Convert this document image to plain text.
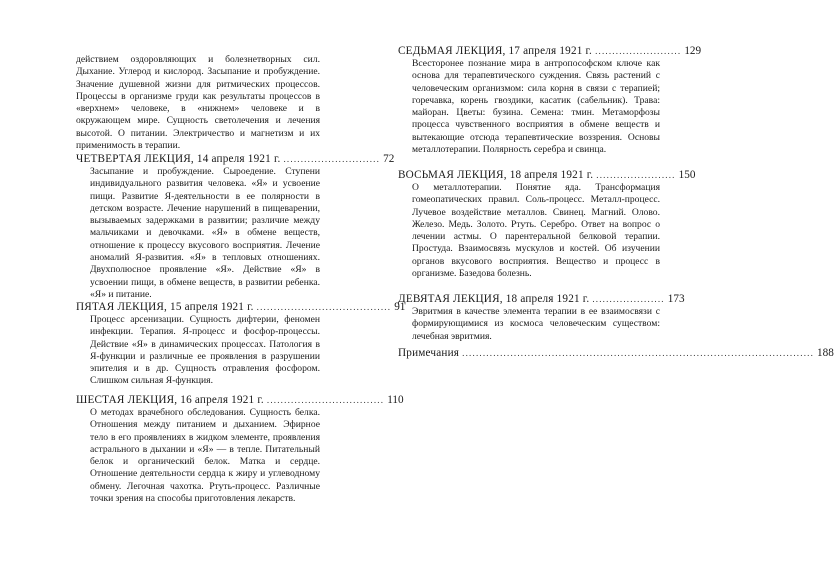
действием оздоровляющих и болезнетворных сил. Дыхание. Углерод и кислород. Засыпание и пробуждение. Значение душевной жизни для ритмических процессов. Процессы в организме груди как результаты процессов в «верхнем» человеке, в «нижнем» человеке и в окружающем мире. Сущность светолечения и лечения высотой. О питании. Электричество и магнетизм и их применимость в терапии.

ЧЕТВЕРТАЯ ЛЕКЦИЯ, 14 апреля 1921 г. ............................ 72

Засыпание и пробуждение. Сыроедение. Ступени индивидуального развития человека. «Я» и усвоение пищи. Развитие Я-деятельности в ее полярности в детском возрасте. Лечение нарушений в пищеварении, вызываемых задержками в развитии; различие между мальчиками и девочками. «Я» в обмене веществ, отношение к процессу вкусового восприятия. Лечение аномалий Я-развития. «Я» в тепловых отношениях. Двухполюсное проявление «Я». Действие «Я» в усвоении пищи, в обмене веществ, в развитии ребенка. «Я» и питание.

ПЯТАЯ ЛЕКЦИЯ, 15 апреля 1921 г. ....................................... 91

Процесс арсенизации. Сущность дифтерии, феномен инфекции. Терапия. Я-процесс и фосфор-процессы. Действие «Я» в динамических процессах. Патология в Я-функции и различные ее проявления в разрушении эпителия и в др. Сущность отравления фосфором. Слишком сильная Я-функция.

ШЕСТАЯ ЛЕКЦИЯ, 16 апреля 1921 г. .................................. 110

О методах врачебного обследования. Сущность белка. Отношения между питанием и дыханием. Эфирное тело в его проявлениях в жидком элементе, проявления астрального в дыхании и «Я» — в тепле. Питательный белок и органический белок. Матка и сердце. Отношение деятельности сердца к жиру и углеводному обмену. Легочная чахотка. Ртуть-процесс. Различные точки зрения на способы приготовления лекарств.

СЕДЬМАЯ ЛЕКЦИЯ, 17 апреля 1921 г. ......................... 129

Всесторонее познание мира в антропософском ключе как основа для терапевтического суждения. Связь растений с человеческим организмом: сила корня в связи с терапией; горечавка, корень гвоздики, касатик (сабельник). Трава: майоран. Цветы: бузина. Семена: тмин. Метаморфозы процесса чувственного восприятия в обмене веществ и вытекающие отсюда терапевтические воззрения. Основы металлотерапии. Полярность серебра и свинца.

ВОСЬМАЯ ЛЕКЦИЯ, 18 апреля 1921 г. ....................... 150

О металлотерапии. Понятие яда. Трансформация гомеопатических правил. Соль-процесс. Металл-процесс. Лучевое воздействие металлов. Свинец. Магний. Олово. Железо. Медь. Золото. Ртуть. Серебро. Ответ на вопрос о лечении астмы. О парентеральной белковой терапии. Простуда. Взаимосвязь мускулов и костей. Об изучении органов вкусового восприятия. Вещество и процесс в организме. Базедова болезнь.

ДЕВЯТАЯ ЛЕКЦИЯ, 18 апреля 1921 г. ..................... 173

Эвритмия в качестве элемента терапии в ее взаимосвязи с формирующимися из космоса человеческим существом: лечебная эвритмия.

Примечания ...................................................................................................... 188
